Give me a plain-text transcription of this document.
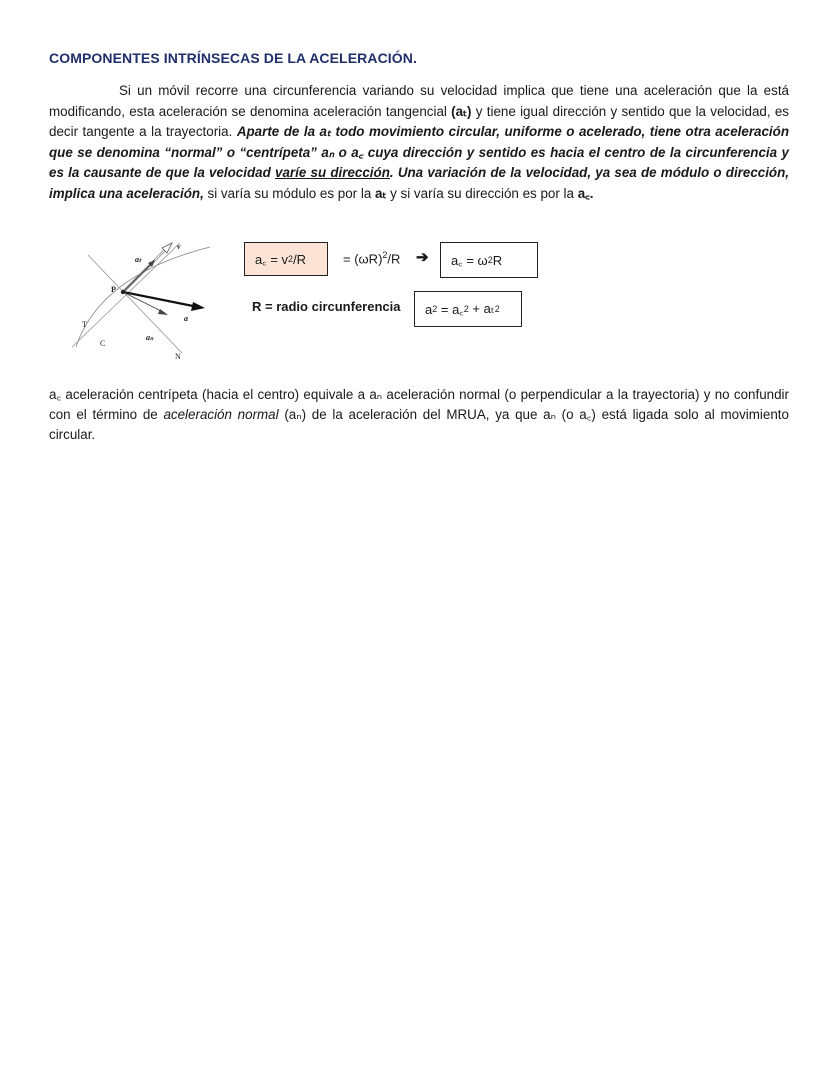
COMPONENTES INTRÍNSECAS DE LA ACELERACIÓN.

Si un móvil recorre una circunferencia variando su velocidad implica que tiene una aceleración que la está modificando, esta aceleración se denomina aceleración tangencial (aₜ) y tiene igual dirección y sentido que la velocidad, es decir tangente a la trayectoria. Aparte de la aₜ todo movimiento circular, uniforme o acelerado, tiene otra aceleración que se denomina “normal” o “centrípeta” aₙ o a꜀ cuya dirección y sentido es hacia el centro de la circunferencia y es la causante de que la velocidad varíe su dirección. Una variación de la velocidad, ya sea de módulo o dirección, implica una aceleración, si varía su módulo es por la aₜ y si varía su dirección es por la a꜀.

aₜ
v
P
a
T
C
aₙ
N
a꜀ = v 2 /R	= $(\omega R)^2/R$ ➔ a꜀ = ω 2 R
R = radio circunferencia a 2 = a꜀ 2 + aₜ 2

a꜀ aceleración centrípeta (hacia el centro) equivale a aₙ aceleración normal (o perpendicular a la trayectoria) y no confundir con el término de aceleración normal (aₙ) de la aceleración del MRUA, ya que aₙ (o a꜀) está ligada solo al movimiento circular.
